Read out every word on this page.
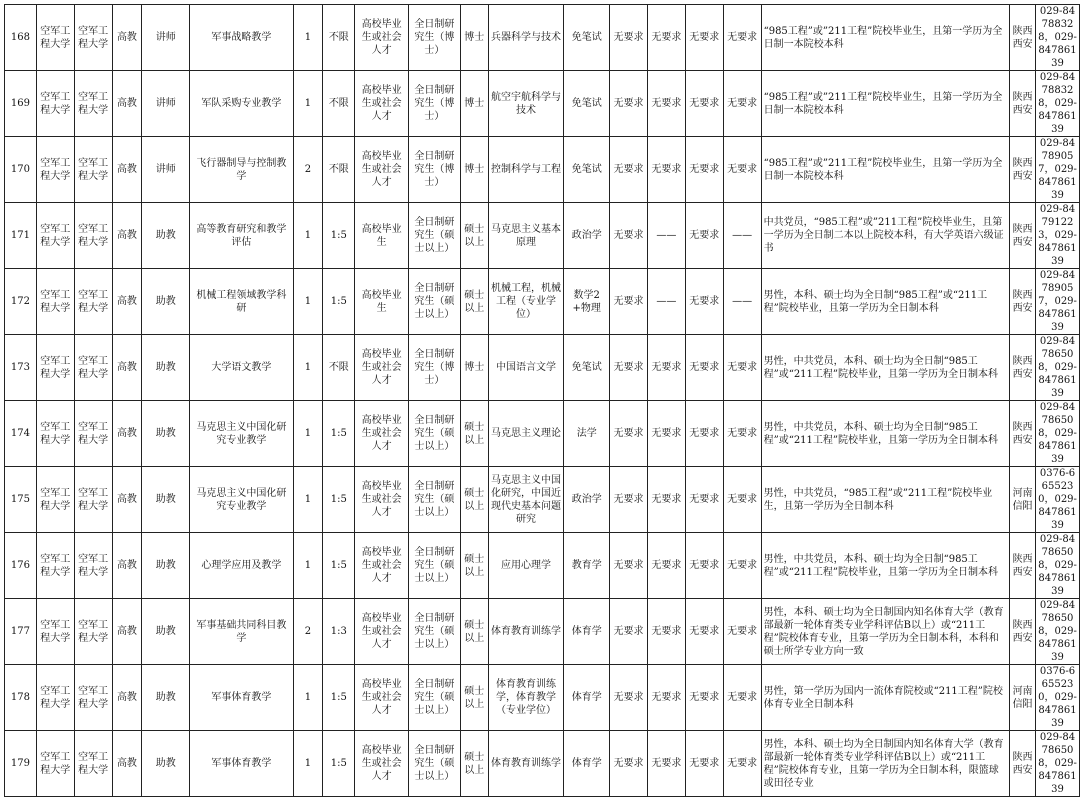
168	空军工程大学	空军工程大学	高教	讲师	军事战略教学	1	不限	高校毕业生或社会人才	全日制研究生（博士）	博士	兵器科学与技术	免笔试	无要求	无要求	无要求	无要求	“985工程”或”211工程”院校毕业生，且第一学历为全日制一本院校本科	陕西西安	029-84788328，029-84786139
169	空军工程大学	空军工程大学	高教	讲师	军队采购专业教学	1	不限	高校毕业生或社会人才	全日制研究生（博士）	博士	航空宇航科学与技术	免笔试	无要求	无要求	无要求	无要求	“985工程”或”211工程”院校毕业生，且第一学历为全日制一本院校本科	陕西西安	029-84788328，029-84786139
170	空军工程大学	空军工程大学	高教	讲师	飞行器制导与控制教学	2	不限	高校毕业生或社会人才	全日制研究生（博士）	博士	控制科学与工程	免笔试	无要求	无要求	无要求	无要求	“985工程”或”211工程”院校毕业生，且第一学历为全日制一本院校本科	陕西西安	029-84789057，029-84786139
171	空军工程大学	空军工程大学	高教	助教	高等教育研究和教学评估	1	1:5	高校毕业生	全日制研究生（硕士以上）	硕士以上	马克思主义基本原理	政治学	无要求	——	无要求	——	中共党员，“985工程”或”211工程”院校毕业生，且第一学历为全日制二本以上院校本科，有大学英语六级证书	陕西西安	029-84791223，029-84786139
172	空军工程大学	空军工程大学	高教	助教	机械工程领域教学科研	1	1:5	高校毕业生	全日制研究生（硕士以上）	硕士以上	机械工程，机械工程（专业学位）	数学2+物理	无要求	——	无要求	——	男性，本科、硕士均为全日制“985工程”或“211工程”院校毕业，且第一学历为全日制本科	陕西西安	029-84789057，029-84786139
173	空军工程大学	空军工程大学	高教	助教	大学语文教学	1	不限	高校毕业生或社会人才	全日制研究生（博士）	博士	中国语言文学	免笔试	无要求	无要求	无要求	无要求	男性，中共党员，本科、硕士均为全日制“985工程”或“211工程”院校毕业，且第一学历为全日制本科	陕西西安	029-84786508，029-84786139
174	空军工程大学	空军工程大学	高教	助教	马克思主义中国化研究专业教学	1	1:5	高校毕业生或社会人才	全日制研究生（硕士以上）	硕士以上	马克思主义理论	法学	无要求	无要求	无要求	无要求	男性，中共党员，本科、硕士均为全日制“985工程”或“211工程”院校毕业，且第一学历为全日制本科	陕西西安	029-84786508，029-84786139
175	空军工程大学	空军工程大学	高教	助教	马克思主义中国化研究专业教学	1	1:5	高校毕业生或社会人才	全日制研究生（硕士以上）	硕士以上	马克思主义中国化研究，中国近现代史基本问题研究	政治学	无要求	无要求	无要求	无要求	男性，中共党员，“985工程”或”211工程”院校毕业生，且第一学历为全日制本科	河南信阳	0376-6655230，029-84786139
176	空军工程大学	空军工程大学	高教	助教	心理学应用及教学	1	1:5	高校毕业生或社会人才	全日制研究生（硕士以上）	硕士以上	应用心理学	教育学	无要求	无要求	无要求	无要求	男性，中共党员，本科、硕士均为全日制“985工程”或“211工程”院校毕业，且第一学历为全日制本科	陕西西安	029-84786508，029-84786139
177	空军工程大学	空军工程大学	高教	助教	军事基础共同科目教学	2	1:3	高校毕业生或社会人才	全日制研究生（硕士以上）	硕士以上	体育教育训练学	体育学	无要求	无要求	无要求	无要求	男性，本科、硕士均为全日制国内知名体育大学（教育部最新一轮体育类专业学科评估B以上）或“211工程”院校体育专业，且第一学历为全日制本科，本科和硕士所学专业方向一致	陕西西安	029-84786508，029-84786139
178	空军工程大学	空军工程大学	高教	助教	军事体育教学	1	1:5	高校毕业生或社会人才	全日制研究生（硕士以上）	硕士以上	体育教育训练学，体育教学（专业学位）	体育学	无要求	无要求	无要求	无要求	男性，第一学历为国内一流体育院校或“211工程”院校体育专业全日制本科	河南信阳	0376-6655230，029-84786139
179	空军工程大学	空军工程大学	高教	助教	军事体育教学	1	1:5	高校毕业生或社会人才	全日制研究生（硕士以上）	硕士以上	体育教育训练学	体育学	无要求	无要求	无要求	无要求	男性，本科、硕士均为全日制国内知名体育大学（教育部最新一轮体育类专业学科评估B以上）或“211工程”院校体育专业，且第一学历为全日制本科，限篮球或田径专业	陕西西安	029-84786508，029-84786139
